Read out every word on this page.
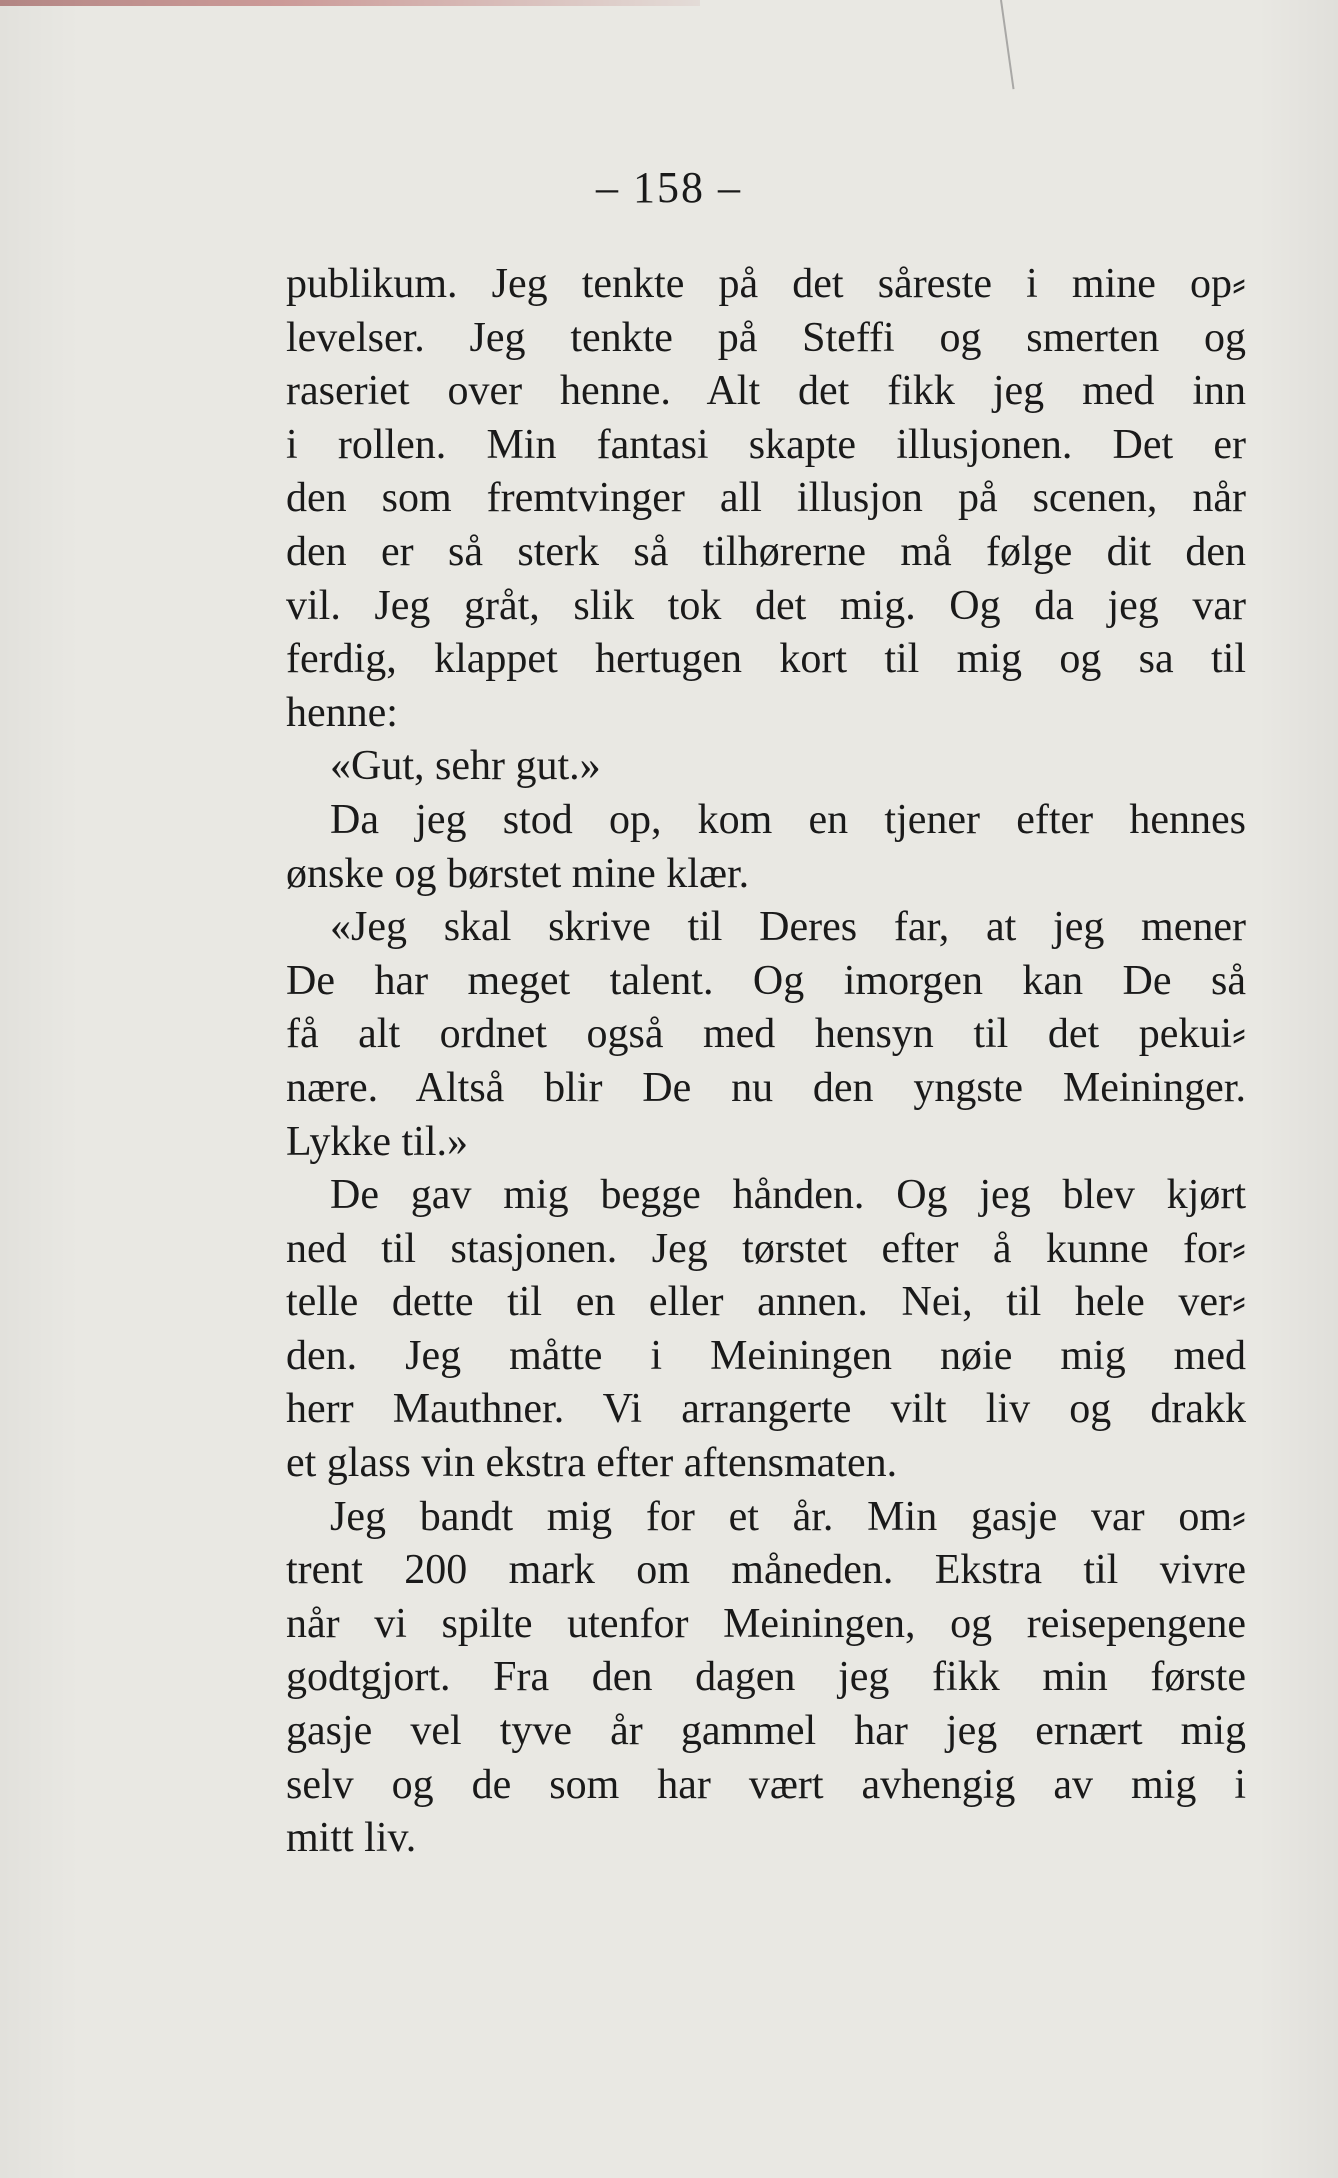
– 158 –
publikum. Jeg tenkte på det såreste i mine op⸗
levelser. Jeg tenkte på Steffi og smerten og
raseriet over henne. Alt det fikk jeg med inn
i rollen. Min fantasi skapte illusjonen. Det er
den som fremtvinger all illusjon på scenen, når
den er så sterk så tilhørerne må følge dit den
vil. Jeg gråt, slik tok det mig. Og da jeg var
ferdig, klappet hertugen kort til mig og sa til
henne:
«Gut, sehr gut.»
Da jeg stod op, kom en tjener efter hennes
ønske og børstet mine klær.
«Jeg skal skrive til Deres far, at jeg mener
De har meget talent. Og imorgen kan De så
få alt ordnet også med hensyn til det pekui⸗
nære. Altså blir De nu den yngste Meininger.
Lykke til.»
De gav mig begge hånden. Og jeg blev kjørt
ned til stasjonen. Jeg tørstet efter å kunne for⸗
telle dette til en eller annen. Nei, til hele ver⸗
den. Jeg måtte i Meiningen nøie mig med
herr Mauthner. Vi arrangerte vilt liv og drakk
et glass vin ekstra efter aftensmaten.
Jeg bandt mig for et år. Min gasje var om⸗
trent 200 mark om måneden. Ekstra til vivre
når vi spilte utenfor Meiningen, og reisepengene
godtgjort. Fra den dagen jeg fikk min første
gasje vel tyve år gammel har jeg ernært mig
selv og de som har vært avhengig av mig i
mitt liv.
